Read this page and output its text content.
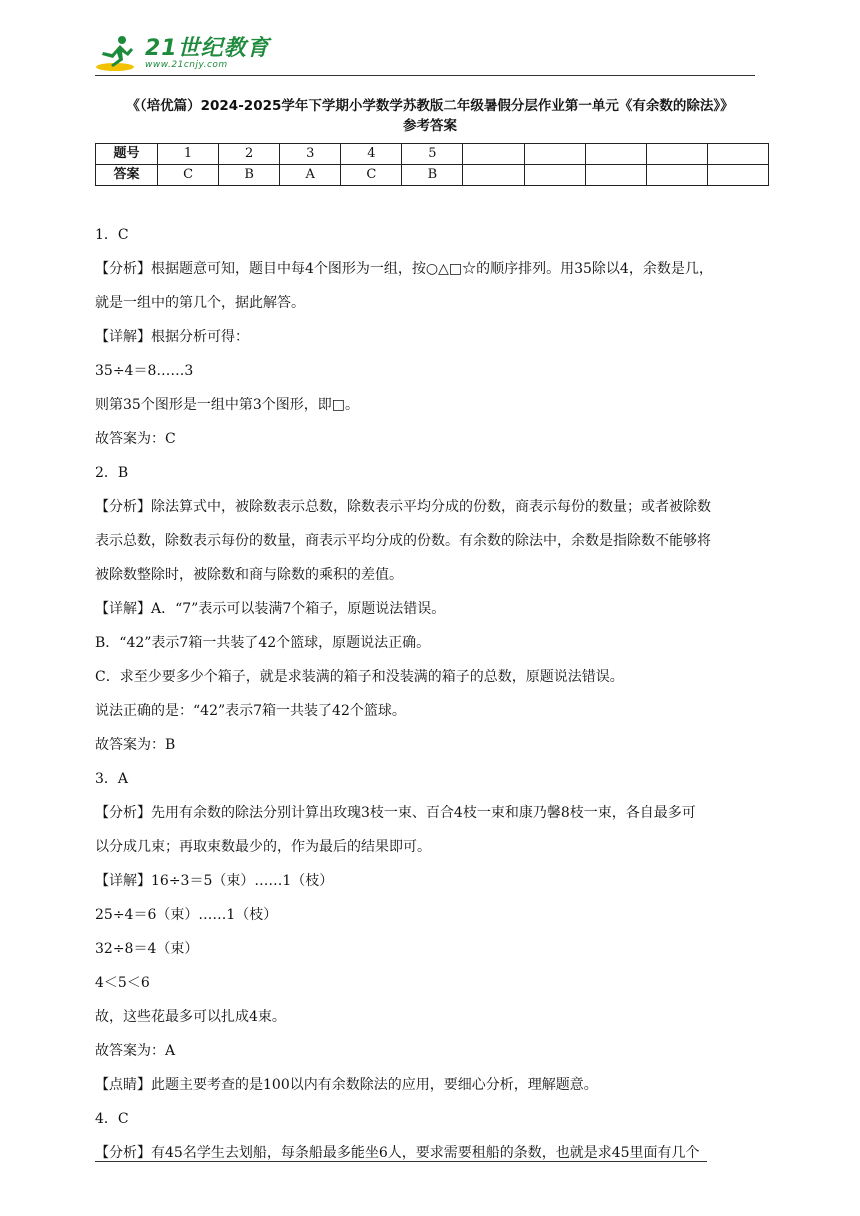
21世纪教育
www.21cnjy.com
《（培优篇）2024-2025学年下学期小学数学苏教版二年级暑假分层作业第一单元《有余数的除法》》
参考答案
题号	1	2	3	4	5					
答案	C	B	A	C	B					

1．C

【分析】根据题意可知，题目中每4个图形为一组，按○△□☆的顺序排列。用35除以4，余数是几，

就是一组中的第几个，据此解答。

【详解】根据分析可得：

35÷4＝8……3

则第35个图形是一组中第3个图形，即□。

故答案为：C

2．B

【分析】除法算式中，被除数表示总数，除数表示平均分成的份数，商表示每份的数量；或者被除数

表示总数，除数表示每份的数量，商表示平均分成的份数。有余数的除法中，余数是指除数不能够将

被除数整除时，被除数和商与除数的乘积的差值。

【详解】A．“7”表示可以装满7个箱子，原题说法错误。

B．“42”表示7箱一共装了42个篮球，原题说法正确。

C．求至少要多少个箱子，就是求装满的箱子和没装满的箱子的总数，原题说法错误。

说法正确的是：“42”表示7箱一共装了42个篮球。

故答案为：B

3．A

【分析】先用有余数的除法分别计算出玫瑰3枝一束、百合4枝一束和康乃馨8枝一束，各自最多可

以分成几束；再取束数最少的，作为最后的结果即可。

【详解】16÷3＝5（束）……1（枝）

25÷4＝6（束）……1（枝）

32÷8＝4（束）

4＜5＜6

故，这些花最多可以扎成4束。

故答案为：A

【点睛】此题主要考查的是100以内有余数除法的应用，要细心分析，理解题意。

4．C

【分析】有45名学生去划船，每条船最多能坐6人，要求需要租船的条数，也就是求45里面有几个
